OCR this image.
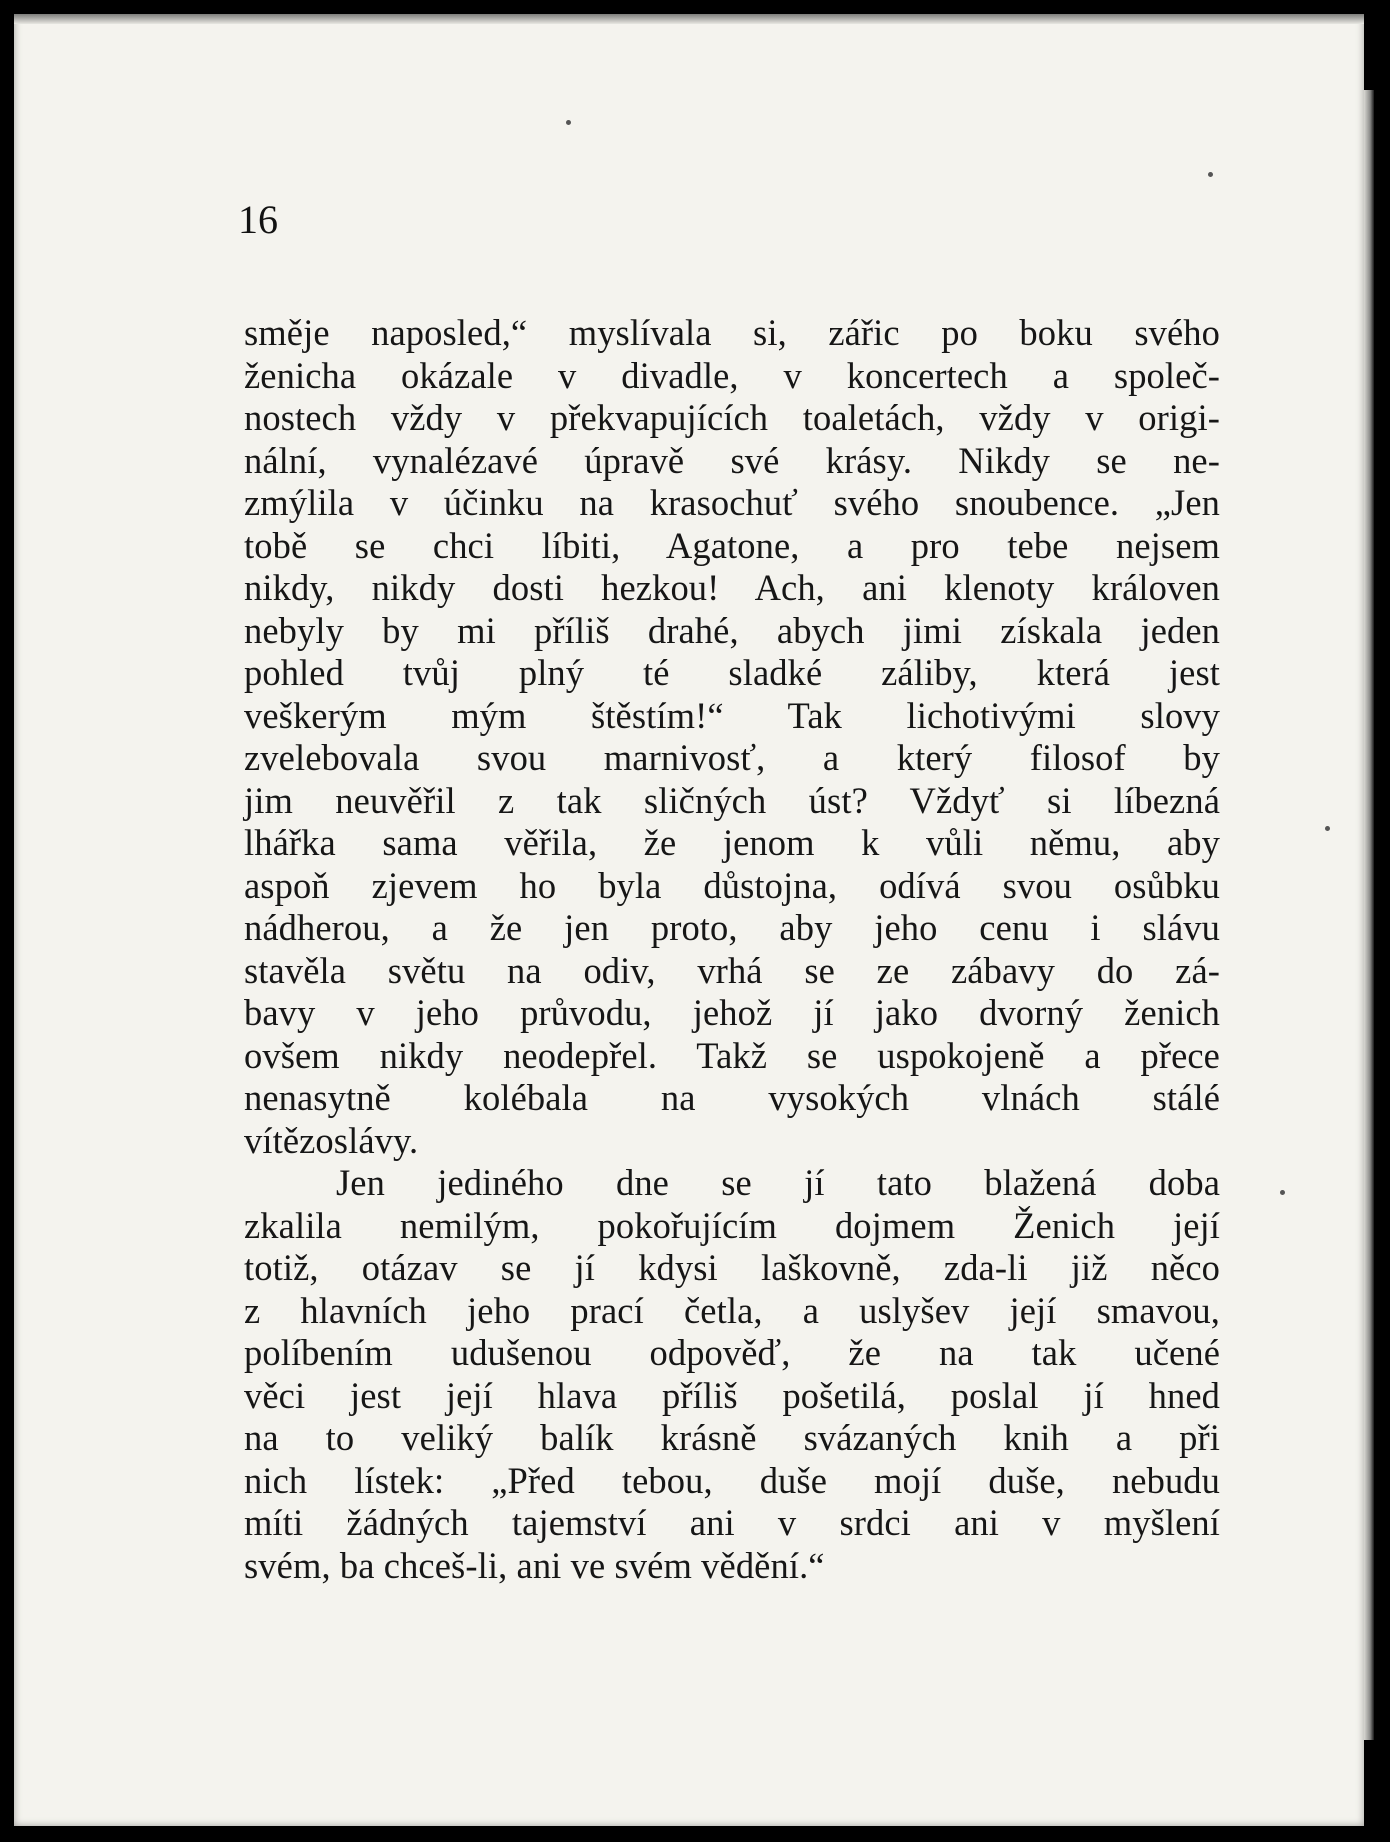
16
směje naposled,“ myslívala si, zářic po boku svého
ženicha okázale v divadle, v koncertech a společ-
nostech vždy v překvapujících toaletách, vždy v origi-
nální, vynalézavé úpravě své krásy. Nikdy se ne-
zmýlila v účinku na krasochuť svého snoubence. „Jen
tobě se chci líbiti, Agatone, a pro tebe nejsem
nikdy, nikdy dosti hezkou! Ach, ani klenoty královen
nebyly by mi příliš drahé, abych jimi získala jeden
pohled tvůj plný té sladké záliby, která jest
veškerým mým štěstím!“ Tak lichotivými slovy
zvelebovala svou marnivosť, a který filosof by
jim neuvěřil z tak sličných úst? Vždyť si líbezná
lhářka sama věřila, že jenom k vůli němu, aby
aspoň zjevem ho byla důstojna, odívá svou osůbku
nádherou, a že jen proto, aby jeho cenu i slávu
stavěla světu na odiv, vrhá se ze zábavy do zá-
bavy v jeho průvodu, jehož jí jako dvorný ženich
ovšem nikdy neodepřel. Takž se uspokojeně a přece
nenasytně kolébala na vysokých vlnách stálé
vítězoslávy.
Jen jediného dne se jí tato blažená doba
zkalila nemilým, pokořujícím dojmem Ženich její
totiž, otázav se jí kdysi laškovně, zda-li již něco
z hlavních jeho prací četla, a uslyšev její smavou,
políbením udušenou odpověď, že na tak učené
věci jest její hlava příliš pošetilá, poslal jí hned
na to veliký balík krásně svázaných knih a při
nich lístek: „Před tebou, duše mojí duše, nebudu
míti žádných tajemství ani v srdci ani v myšlení
svém, ba chceš-li, ani ve svém vědění.“
